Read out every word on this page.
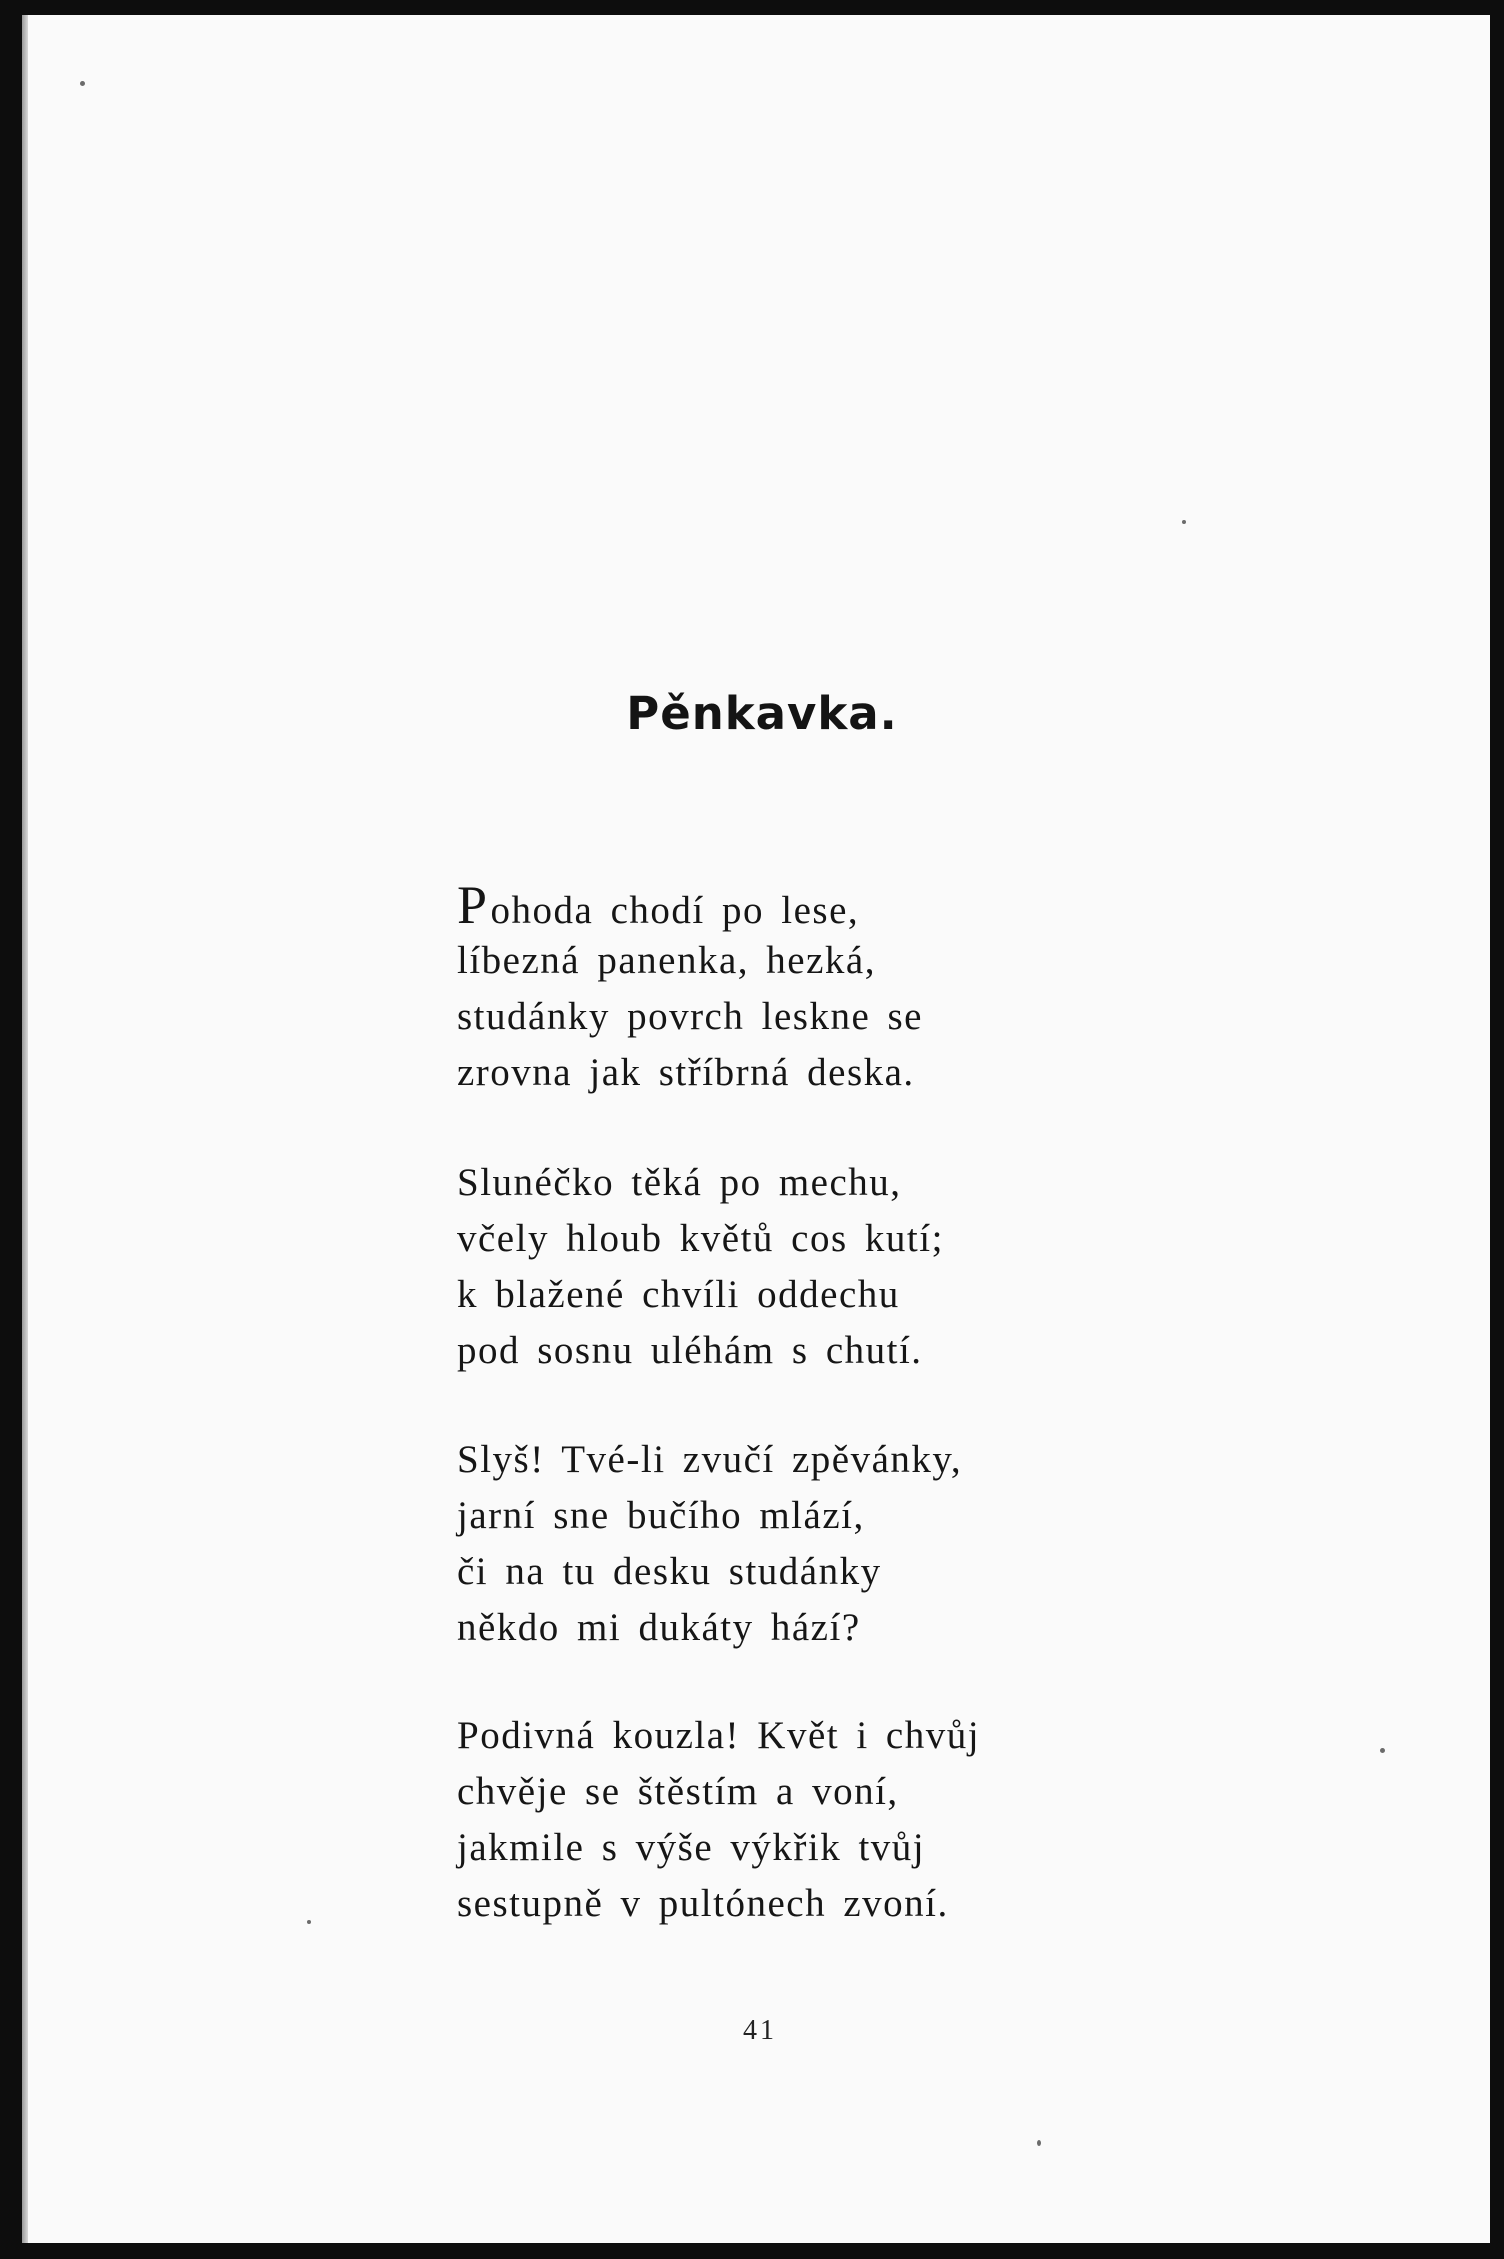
Pěnkavka.
Pohoda chodí po lese,
líbezná panenka, hezká,
studánky povrch leskne se
zrovna jak stříbrná deska.
Slunéčko těká po mechu,
včely hloub květů cos kutí;
k blažené chvíli oddechu
pod sosnu uléhám s chutí.
Slyš! Tvé-li zvučí zpěvánky,
jarní sne bučího mlází,
či na tu desku studánky
někdo mi dukáty hází?
Podivná kouzla! Květ i chvůj
chvěje se štěstím a voní,
jakmile s výše výkřik tvůj
sestupně v pultónech zvoní.
41
